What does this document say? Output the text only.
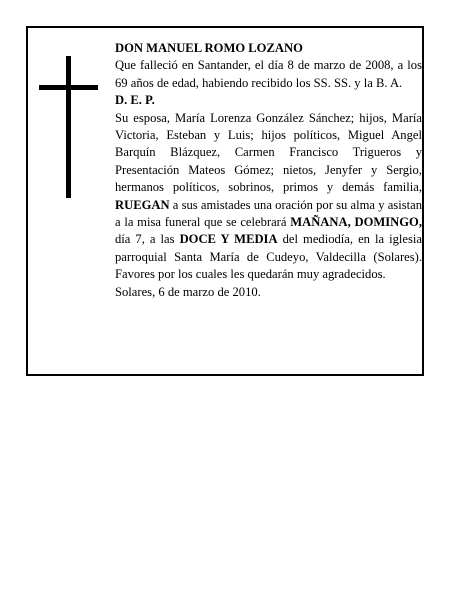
DON MANUEL ROMO LOZANO

Que falleció en Santander, el día 8 de marzo de 2008, a los 69 años de edad, habiendo recibido los SS. SS. y la B. A.

D. E. P.

Su esposa, María Lorenza González Sánchez; hijos, María Victoria, Esteban y Luis; hijos políticos, Miguel Angel Barquín Blázquez, Carmen Francisco Trigueros y Presentación Mateos Gómez; nietos, Jenyfer y Sergio, hermanos políticos, sobrinos, primos y demás familia, RUEGAN a sus amistades una oración por su alma y asistan a la misa funeral que se celebrará MAÑANA, DOMINGO, día 7, a las DOCE Y MEDIA del mediodía, en la iglesia parroquial Santa María de Cudeyo, Valdecilla (Solares). Favores por los cuales les quedarán muy agradecidos.

Solares, 6 de marzo de 2010.
